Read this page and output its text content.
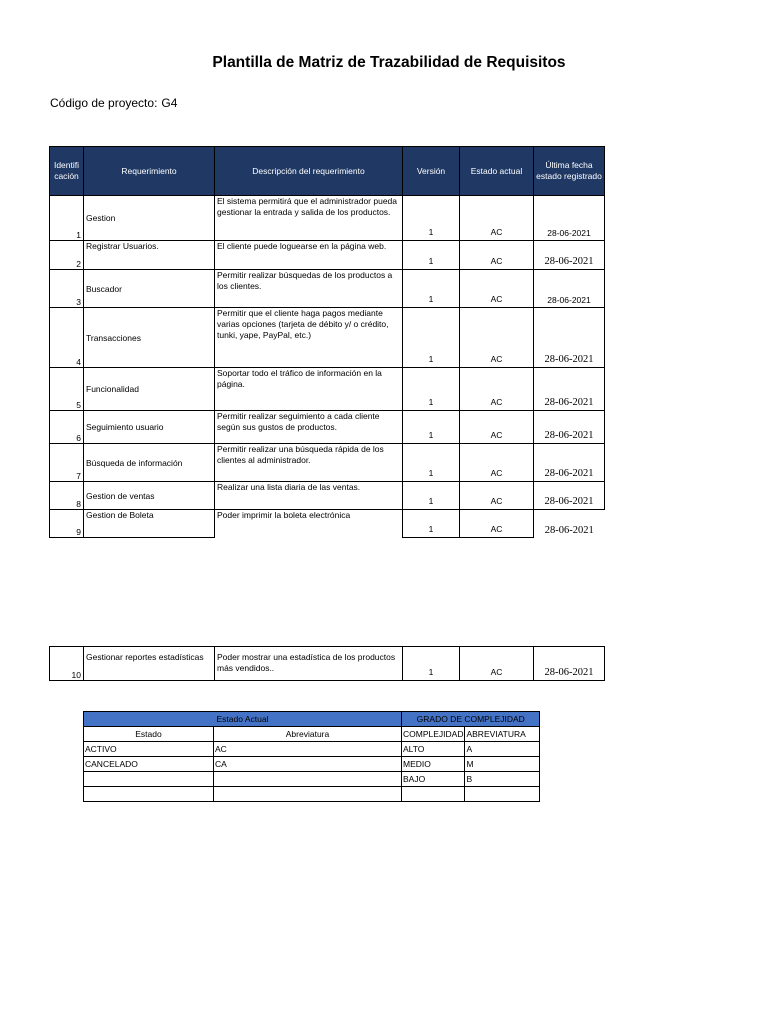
Plantilla de Matriz de Trazabilidad de Requisitos
Código de proyecto: G4
Identificación	Requerimiento	Descripción del requerimiento	Versión	Estado actual	Última fecha estado registrado
1	Gestion	El sistema permitirá que el administrador pueda gestionar la entrada y salida de los productos.	1	AC	28-06-2021
2	Registrar Usuarios.	El cliente puede loguearse en la página web.	1	AC	28-06-2021
3	Buscador	Permitir realizar búsquedas de los productos a los clientes.	1	AC	28-06-2021
4	Transacciones	Permitir que el cliente haga pagos mediante varias opciones (tarjeta de débito y/ o crédito, tunki, yape, PayPal, etc.)	1	AC	28-06-2021
5	Funcionalidad	Soportar todo el tráfico de información en la página.	1	AC	28-06-2021
6	Seguimiento usuario	Permitir realizar seguimiento a cada cliente según sus gustos de productos.	1	AC	28-06-2021
7	Búsqueda de información	Permitir realizar una búsqueda rápida de los clientes al administrador.	1	AC	28-06-2021
8	Gestion de ventas	Realizar una lista diaria de las ventas.	1	AC	28-06-2021
9	Gestion de Boleta	Poder imprimir la boleta electrónica	1	AC	28-06-2021
10	Gestionar reportes estadísticas	Poder mostrar una estadística de los productos más vendidos..	1	AC	28-06-2021
Estado Actual		GRADO DE COMPLEJIDAD	
Estado	Abreviatura	COMPLEJIDAD	ABREVIATURA
ACTIVO	AC	ALTO	A
CANCELADO	CA	MEDIO	M
		BAJO	B
